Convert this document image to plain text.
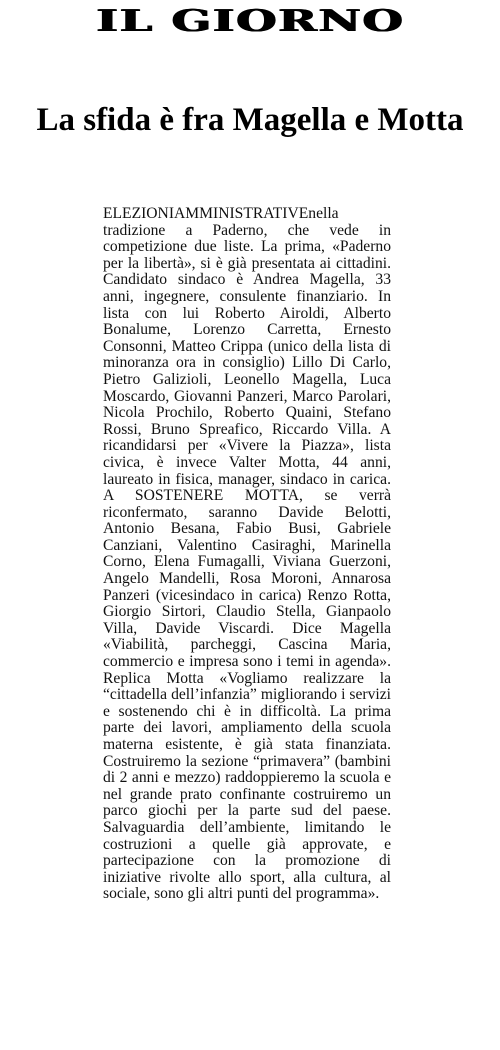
IL GIORNO
La sfida è fra Magella e Motta

ELEZIONIAMMINISTRATIVEnella tradizione a Paderno, che vede in competizione due liste. La prima, «Paderno per la libertà», si è già presentata ai cittadini. Candidato sindaco è Andrea Magella, 33 anni, ingegnere, consulente finanziario. In lista con lui Roberto Airoldi, Alberto Bonalume, Lorenzo Carretta, Ernesto Consonni, Matteo Crippa (unico della lista di minoranza ora in consiglio) Lillo Di Carlo, Pietro Galizioli, Leonello Magella, Luca Moscardo, Giovanni Panzeri, Marco Parolari, Nicola Prochilo, Roberto Quaini, Stefano Rossi, Bruno Spreafico, Riccardo Villa. A ricandidarsi per «Vivere la Piazza», lista civica, è invece Valter Motta, 44 anni, laureato in fisica, manager, sindaco in carica. A SOSTENERE MOTTA, se verrà riconfermato, saranno Davide Belotti, Antonio Besana, Fabio Busi, Gabriele Canziani, Valentino Casiraghi, Marinella Corno, Elena Fumagalli, Viviana Guerzoni, Angelo Mandelli, Rosa Moroni, Annarosa Panzeri (vicesindaco in carica) Renzo Rotta, Giorgio Sirtori, Claudio Stella, Gianpaolo Villa, Davide Viscardi. Dice Magella «Viabilità, parcheggi, Cascina Maria, commercio e impresa sono i temi in agenda». Replica Motta «Vogliamo realizzare la “cittadella dell’infanzia” migliorando i servizi e sostenendo chi è in difficoltà. La prima parte dei lavori, ampliamento della scuola materna esistente, è già stata finanziata. Costruiremo la sezione “primavera” (bambini di 2 anni e mezzo) raddoppieremo la scuola e nel grande prato confinante costruiremo un parco giochi per la parte sud del paese. Salvaguardia dell’ambiente, limitando le costruzioni a quelle già approvate, e partecipazione con la promozione di iniziative rivolte allo sport, alla cultura, al sociale, sono gli altri punti del programma».
